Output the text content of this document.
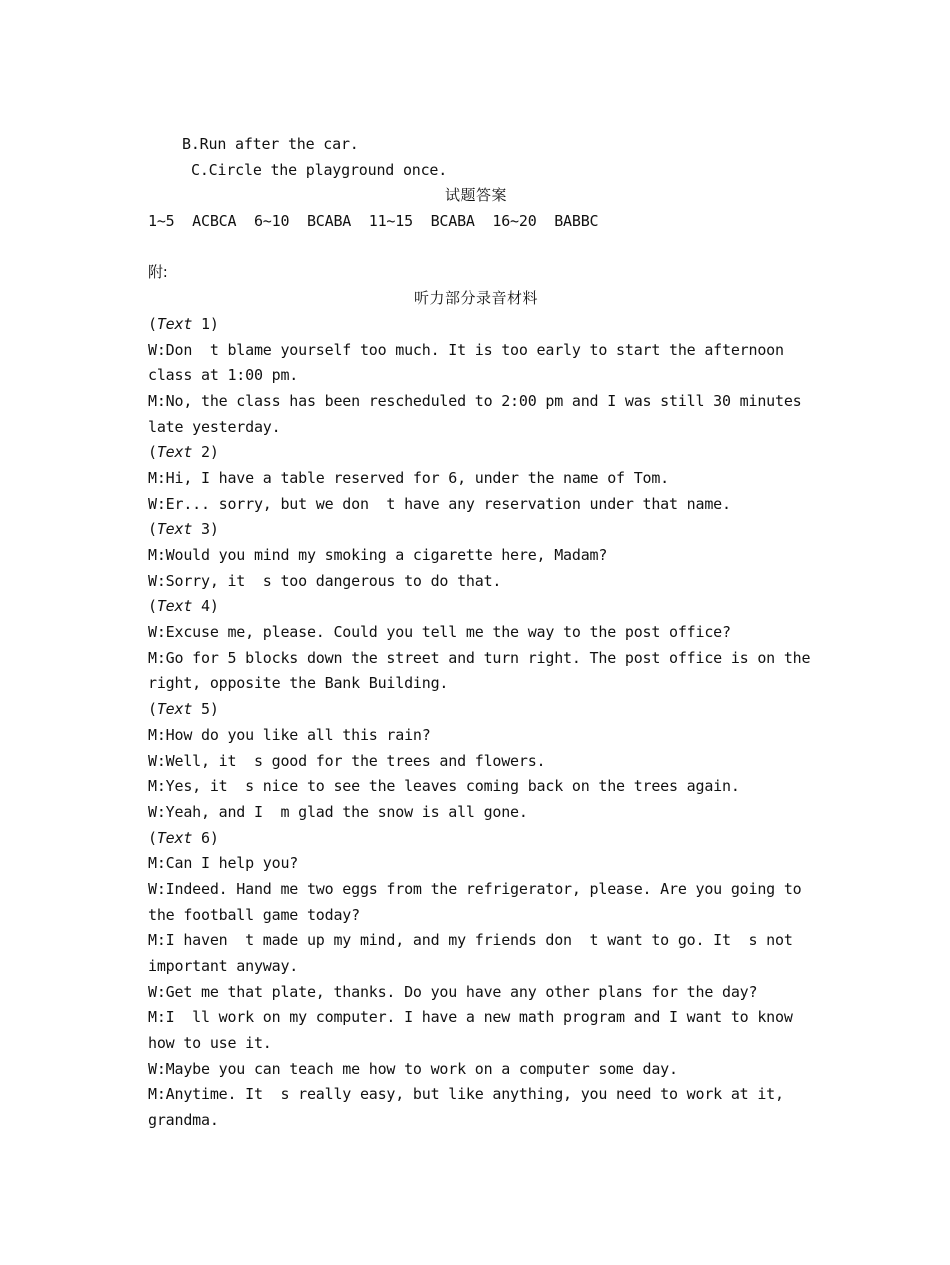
B.Run after the car.
C.Circle the playground once.
试题答案
1~5  ACBCA  6~10  BCABA  11~15  BCABA  16~20  BABBC
附:
听力部分录音材料
(Text 1)
W:Don  t blame yourself too much. It is too early to start the afternoon
class at 1:00 pm.
M:No, the class has been rescheduled to 2:00 pm and I was still 30 minutes
late yesterday.
(Text 2)
M:Hi, I have a table reserved for 6, under the name of Tom.
W:Er... sorry, but we don  t have any reservation under that name.
(Text 3)
M:Would you mind my smoking a cigarette here, Madam?
W:Sorry, it  s too dangerous to do that.
(Text 4)
W:Excuse me, please. Could you tell me the way to the post office?
M:Go for 5 blocks down the street and turn right. The post office is on the
right, opposite the Bank Building.
(Text 5)
M:How do you like all this rain?
W:Well, it  s good for the trees and flowers.
M:Yes, it  s nice to see the leaves coming back on the trees again.
W:Yeah, and I  m glad the snow is all gone.
(Text 6)
M:Can I help you?
W:Indeed. Hand me two eggs from the refrigerator, please. Are you going to
the football game today?
M:I haven  t made up my mind, and my friends don  t want to go. It  s not
important anyway.
W:Get me that plate, thanks. Do you have any other plans for the day?
M:I  ll work on my computer. I have a new math program and I want to know
how to use it.
W:Maybe you can teach me how to work on a computer some day.
M:Anytime. It  s really easy, but like anything, you need to work at it,
grandma.
